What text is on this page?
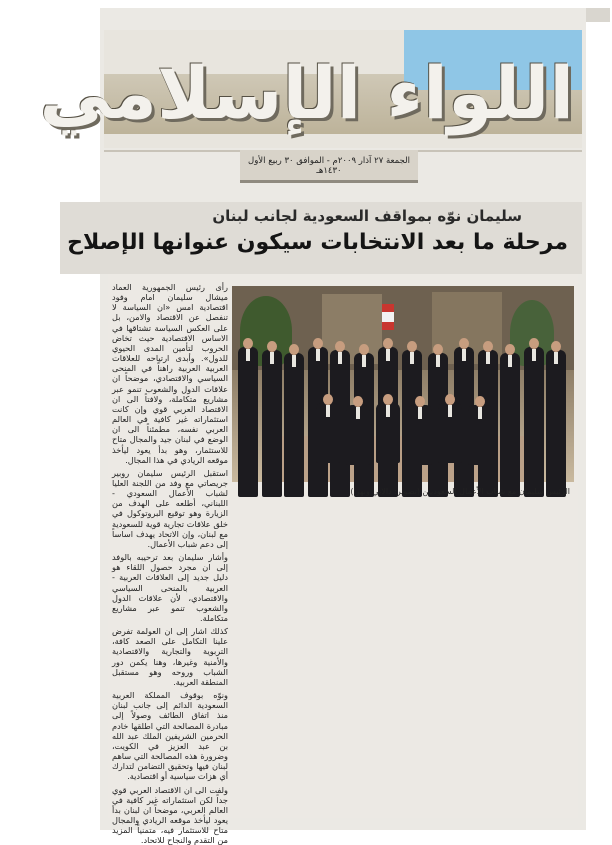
اللواء الإسلامي
الجمعة ٢٧ آذار ٢٠٠٩م - الموافق ٣٠ ربيع الأول ١٤٣٠هـ
سليمان نوّه بمواقف السعودية لجانب لبنان
مرحلة ما بعد الانتخابات سيكون عنوانها الإصلاح
الرئيس سليمان مع شباب الأعمال السعوديين (تصوير: دالاتي ونهرا)

رأى رئيس الجمهورية العماد ميشال سليمان امام وفود اقتصادية امس «ان السياسة لا تنفصل عن الاقتصاد والامن، بل على العكس السياسة تشتاقها في الاساس الاقتصادية حيث تخاض الحروب لتأمين المدى الحيوي للدول». وأبدى ارتياحه للعلاقات العربية العربية راهناً في المنحى السياسي والاقتصادي، موضحاً ان علاقات الدول والشعوب تنمو عبر مشاريع متكاملة، ولافتاً الى ان الاقتصاد العربي قوي وإن كانت استثماراته غير كافية في العالم العربي نفسه، مطمئناً الى ان الوضع في لبنان جيد والمجال متاح للاستثمار، وهو بدأ يعود ليأخذ موقعه الريادي في هذا المجال.

استقبل الرئيس سليمان روبير جريصاتي مع وفد من اللجنة العليا لشباب الأعمال السعودي - اللبناني، أطلعه على الهدف من الزيارة وهو توقيع البروتوكول في خلق علاقات تجارية قوية للسعودية مع لبنان، وإن الاتحاد يهدف اساساً إلى دعم شباب الأعمال.

وأشار سليمان بعد ترحيبه بالوفد إلى ان مجرد حصول اللقاء هو دليل جديد إلى العلاقات العربية - العربية بالمنحى السياسي والاقتصادي، لأن علاقات الدول والشعوب تنمو عبر مشاريع متكاملة.

كذلك اشار إلى ان العولمة تفرض علينا التكامل على الصعد كافة، التربوية والتجارية والاقتصادية والأمنية وغيرها، وهنا يكمن دور الشباب وروحه وهو مستقبل المنطقة العربية.

ونوّه بوقوف المملكة العربية السعودية الدائم إلى جانب لبنان منذ اتفاق الطائف وصولاً إلى مبادرة المصالحة التي اطلقها خادم الحرمين الشريفين الملك عبد الله بن عبد العزيز في الكويت، وضرورة هذه المصالحة التي ساهم لبنان فيها وتحقيق التضامن لتدارك أي هزات سياسية أو اقتصادية.

ولفت الى ان الاقتصاد العربي قوي جداً لكن استثماراته غير كافية في العالم العربي، موضحاً ان لبنان بدأ يعود ليأخذ موقعه الريادي والمجال متاح للاستثمار فيه، متمنياً المزيد من التقدم والنجاح للاتحاد.
